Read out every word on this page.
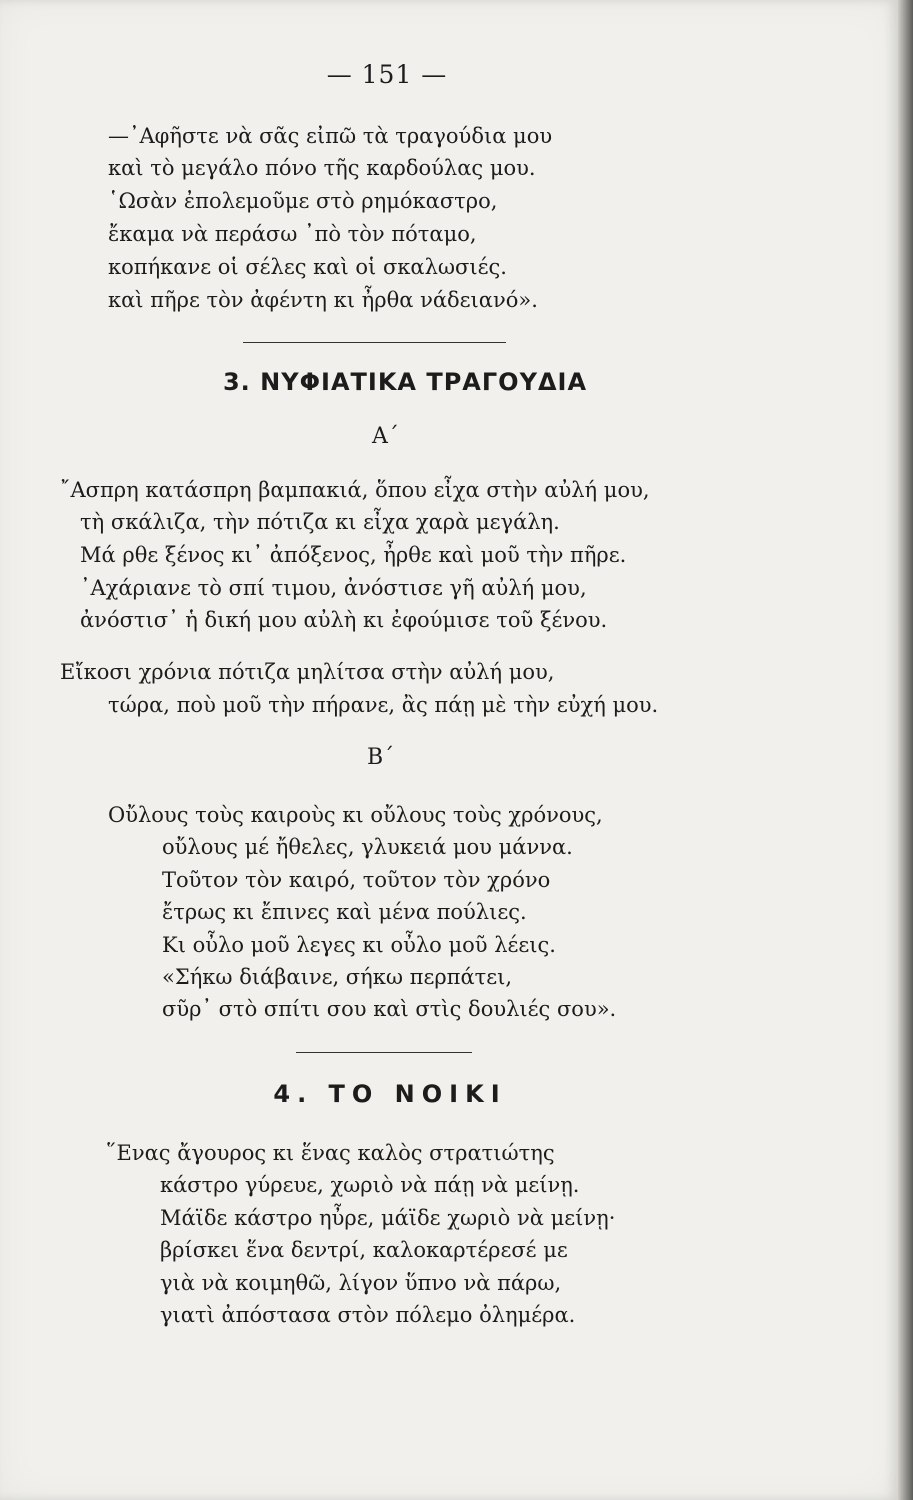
— 151 —
—᾿Αφῆστε νὰ σᾶς εἰπῶ τὰ τραγούδια μου
καὶ τὸ μεγάλο πόνο τῆς καρδούλας μου.
῾Ωσὰν ἐπολεμοῦμε στὸ ρημόκαστρο,
ἔκαμα νὰ περάσω ᾿πὸ τὸν πόταμο,
κοπήκανε οἱ σέλες καὶ οἱ σκαλωσιές.
καὶ πῆρε τὸν ἀφέντη κι ἦρθα νάδειανό».
3. ΝΥΦΙΑΤΙΚΑ ΤΡΑΓΟΥΔΙΑ
Α΄
῎Ασπρη κατάσπρη βαμπακιά, ὅπου εἶχα στὴν αὐλή μου,
τὴ σκάλιζα, τὴν πότιζα κι εἶχα χαρὰ μεγάλη.
Μά ρθε ξένος κι᾿ ἀπόξενος, ἦρθε καὶ μοῦ τὴν πῆρε.
᾿Αχάριανε τὸ σπί τιμου, ἀνόστισε γῆ αὐλή μου,
ἀνόστισ᾿ ἡ δική μου αὐλὴ κι ἐφούμισε τοῦ ξένου.
Εἴκοσι χρόνια πότιζα μηλίτσα στὴν αὐλή μου,
τώρα, ποὺ μοῦ τὴν πήρανε, ἂς πάῃ μὲ τὴν εὐχή μου.
Β΄
Οὔλους τοὺς καιροὺς κι οὔλους τοὺς χρόνους,
οὔλους μέ ἤθελες, γλυκειά μου μάννα.
Τοῦτον τὸν καιρό, τοῦτον τὸν χρόνο
ἔτρως κι ἔπινες καὶ μένα πούλιες.
Κι οὖλο μοῦ λεγες κι οὖλο μοῦ λέεις.
«Σήκω διάβαινε, σήκω περπάτει,
σῦρ᾿ στὸ σπίτι σου καὶ στὶς δουλιές σου».
4. ΤΟ ΝΟΙΚΙ
῞Ενας ἄγουρος κι ἕνας καλὸς στρατιώτης
κάστρο γύρευε, χωριὸ νὰ πάῃ νὰ μείνῃ.
Μάϊδε κάστρο ηὖρε, μάϊδε χωριὸ νὰ μείνῃ·
βρίσκει ἕνα δεντρί, καλοκαρτέρεσέ με
γιὰ νὰ κοιμηθῶ, λίγον ὕπνο νὰ πάρω,
γιατὶ ἀπόστασα στὸν πόλεμο ὀλημέρα.
